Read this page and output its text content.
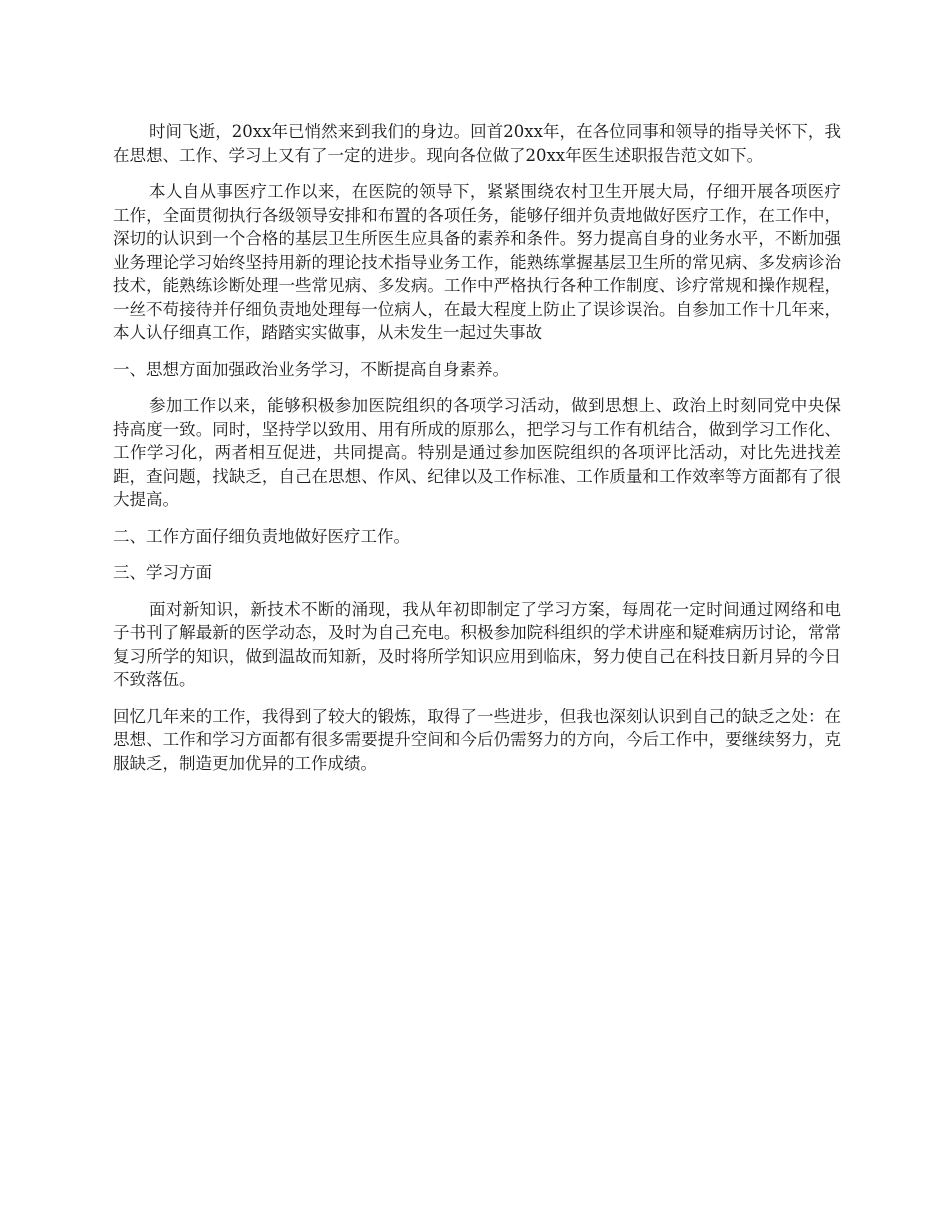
时间飞逝，20xx年已悄然来到我们的身边。回首20xx年，在各位同事和领导的指导关怀下，我在思想、工作、学习上又有了一定的进步。现向各位做了20xx年医生述职报告范文如下。

本人自从事医疗工作以来，在医院的领导下，紧紧围绕农村卫生开展大局，仔细开展各项医疗工作，全面贯彻执行各级领导安排和布置的各项任务，能够仔细并负责地做好医疗工作，在工作中，深切的认识到一个合格的基层卫生所医生应具备的素养和条件。努力提高自身的业务水平，不断加强业务理论学习始终坚持用新的理论技术指导业务工作，能熟练掌握基层卫生所的常见病、多发病诊治技术，能熟练诊断处理一些常见病、多发病。工作中严格执行各种工作制度、诊疗常规和操作规程，一丝不苟接待并仔细负责地处理每一位病人，在最大程度上防止了误诊误治。自参加工作十几年来，本人认仔细真工作，踏踏实实做事，从未发生一起过失事故

一、思想方面加强政治业务学习，不断提高自身素养。

参加工作以来，能够积极参加医院组织的各项学习活动，做到思想上、政治上时刻同党中央保持高度一致。同时，坚持学以致用、用有所成的原那么，把学习与工作有机结合，做到学习工作化、工作学习化，两者相互促进，共同提高。特别是通过参加医院组织的各项评比活动，对比先进找差距，查问题，找缺乏，自己在思想、作风、纪律以及工作标准、工作质量和工作效率等方面都有了很大提高。

二、工作方面仔细负责地做好医疗工作。

三、学习方面

面对新知识，新技术不断的涌现，我从年初即制定了学习方案，每周花一定时间通过网络和电子书刊了解最新的医学动态，及时为自己充电。积极参加院科组织的学术讲座和疑难病历讨论，常常复习所学的知识，做到温故而知新，及时将所学知识应用到临床，努力使自己在科技日新月异的今日不致落伍。

回忆几年来的工作，我得到了较大的锻炼，取得了一些进步，但我也深刻认识到自己的缺乏之处：在思想、工作和学习方面都有很多需要提升空间和今后仍需努力的方向，今后工作中，要继续努力，克服缺乏，制造更加优异的工作成绩。
